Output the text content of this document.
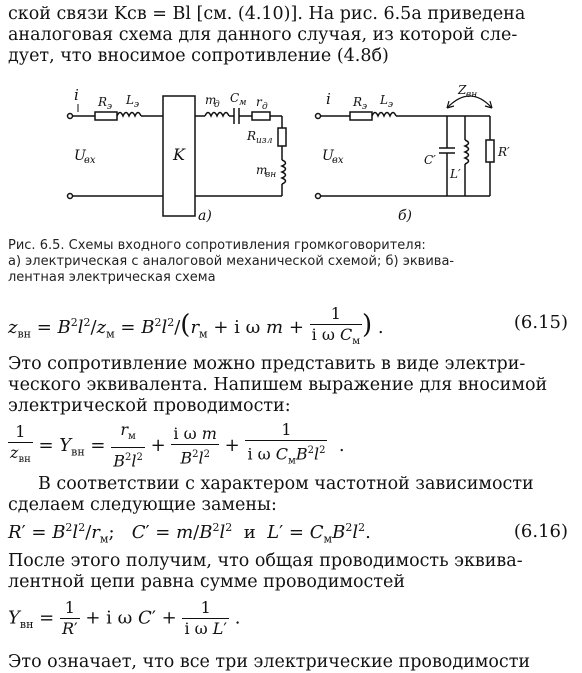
ской связи Kсв = Bl [см. (4.10)]. На рис. 6.5а приведена
аналоговая схема для данного случая, из которой сле-
дует, что вносимое сопротивление (4.8б)
i R э L э
U
вх	K
m
д C м r д
R изл
m
вн
а)
i R э L э
U
вх
Z вн
C′
L′
R′
б)
Рис. 6.5. Схемы входного сопротивления громкоговорителя:
а) электрическая с аналоговой механической схемой; б) эквива-
лентная электрическая схема
$z_{вн} = B^2l^2/z_м = B^2l^2/(r_м + i$ ω $m + \frac{1}{i \omega C_м}$ ) .	(6.15)
Это сопротивление можно представить в виде электри-
ческого эквивалента. Напишем выражение для вносимой
электрической проводимости:
$\frac{1}{z_{вн}} = Y_{вн} = \frac{r_м}{B^2l^2} + \frac{\text{i ω m}}{B^2l^2} + \frac{1}{i \omega C_мB^2l^2}$ .
В соответствии с характером частотной зависимости
сделаем следующие замены:
$R' = B^2l^2/r_м$; $C' = m/B^2l^2$ и $L' = C_мB^2l^2$.	(6.16)
После этого получим, что общая проводимость эквива-
лентной цепи равна сумме проводимостей
$Y_{вн} = \frac{1}{R'} + i$ ω $C' + \frac{1}{\text{i ω L′}}$ .
Это означает, что все три электрические проводимости
